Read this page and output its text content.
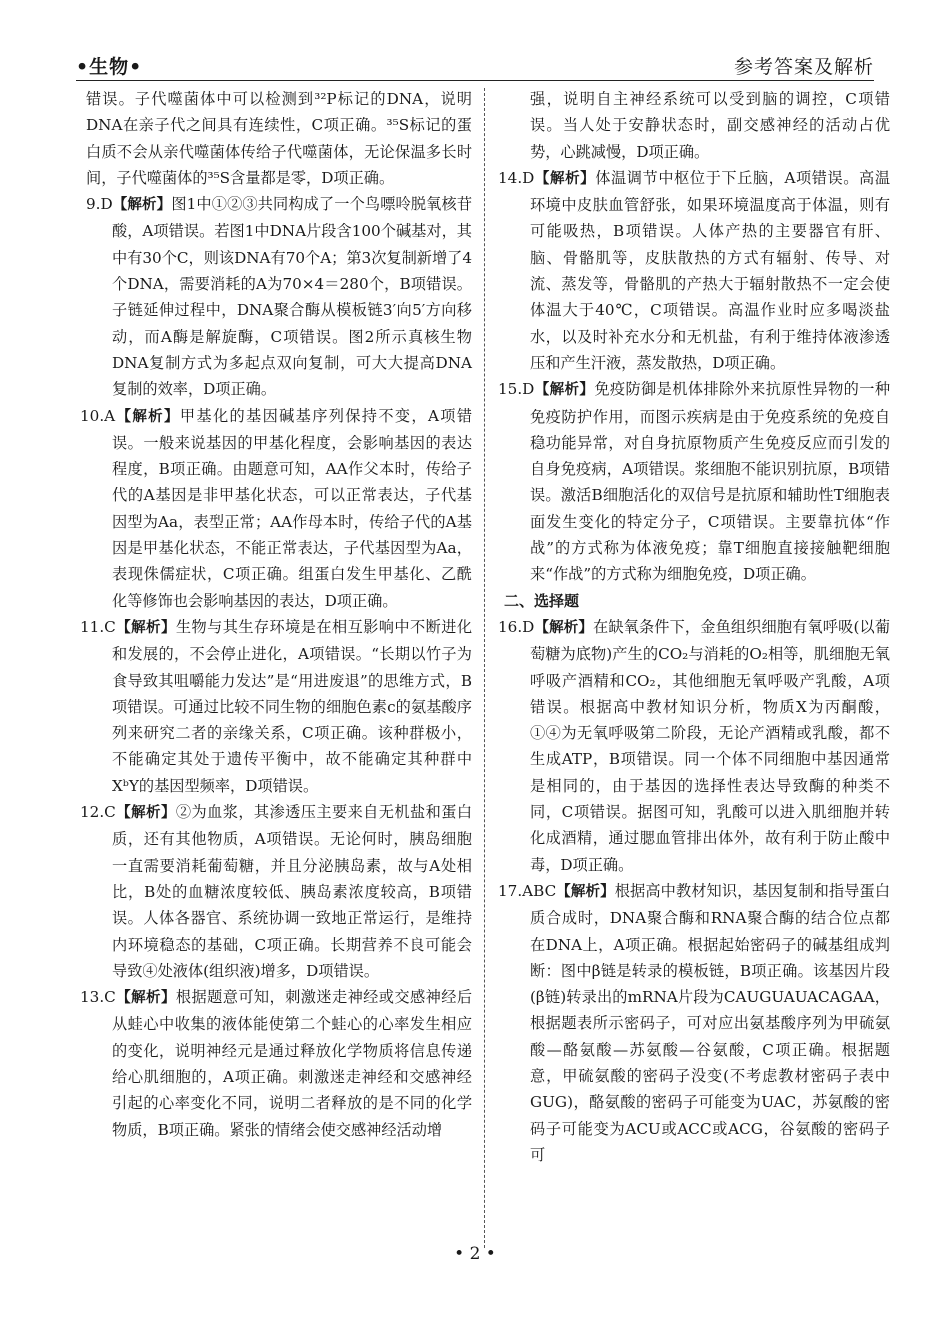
•生物•	参考答案及解析

错误。子代噬菌体中可以检测到³²P标记的DNA，说明DNA在亲子代之间具有连续性，C项正确。³⁵S标记的蛋白质不会从亲代噬菌体传给子代噬菌体，无论保温多长时间，子代噬菌体的³⁵S含量都是零，D项正确。

9.D【解析】图1中①②③共同构成了一个鸟嘌呤脱氧核苷酸，A项错误。若图1中DNA片段含100个碱基对，其中有30个C，则该DNA有70个A；第3次复制新增了4个DNA，需要消耗的A为70×4＝280个，B项错误。子链延伸过程中，DNA聚合酶从模板链3′向5′方向移动，而A酶是解旋酶，C项错误。图2所示真核生物DNA复制方式为多起点双向复制，可大大提高DNA复制的效率，D项正确。

10.A【解析】甲基化的基因碱基序列保持不变，A项错误。一般来说基因的甲基化程度，会影响基因的表达程度，B项正确。由题意可知，AA作父本时，传给子代的A基因是非甲基化状态，可以正常表达，子代基因型为Aa，表型正常；AA作母本时，传给子代的A基因是甲基化状态，不能正常表达，子代基因型为Aa，表现侏儒症状，C项正确。组蛋白发生甲基化、乙酰化等修饰也会影响基因的表达，D项正确。

11.C【解析】生物与其生存环境是在相互影响中不断进化和发展的，不会停止进化，A项错误。“长期以竹子为食导致其咀嚼能力发达”是“用进废退”的思维方式，B项错误。可通过比较不同生物的细胞色素c的氨基酸序列来研究二者的亲缘关系，C项正确。该种群极小，不能确定其处于遗传平衡中，故不能确定其种群中XᵇY的基因型频率，D项错误。

12.C【解析】②为血浆，其渗透压主要来自无机盐和蛋白质，还有其他物质，A项错误。无论何时，胰岛细胞一直需要消耗葡萄糖，并且分泌胰岛素，故与A处相比，B处的血糖浓度较低、胰岛素浓度较高，B项错误。人体各器官、系统协调一致地正常运行，是维持内环境稳态的基础，C项正确。长期营养不良可能会导致④处液体(组织液)增多，D项错误。

13.C【解析】根据题意可知，刺激迷走神经或交感神经后从蛙心中收集的液体能使第二个蛙心的心率发生相应的变化，说明神经元是通过释放化学物质将信息传递给心肌细胞的，A项正确。刺激迷走神经和交感神经引起的心率变化不同，说明二者释放的是不同的化学物质，B项正确。紧张的情绪会使交感神经活动增

强，说明自主神经系统可以受到脑的调控，C项错误。当人处于安静状态时，副交感神经的活动占优势，心跳减慢，D项正确。

14.D【解析】体温调节中枢位于下丘脑，A项错误。高温环境中皮肤血管舒张，如果环境温度高于体温，则有可能吸热，B项错误。人体产热的主要器官有肝、脑、骨骼肌等，皮肤散热的方式有辐射、传导、对流、蒸发等，骨骼肌的产热大于辐射散热不一定会使体温大于40℃，C项错误。高温作业时应多喝淡盐水，以及时补充水分和无机盐，有利于维持体液渗透压和产生汗液，蒸发散热，D项正确。

15.D【解析】免疫防御是机体排除外来抗原性异物的一种免疫防护作用，而图示疾病是由于免疫系统的免疫自稳功能异常，对自身抗原物质产生免疫反应而引发的自身免疫病，A项错误。浆细胞不能识别抗原，B项错误。激活B细胞活化的双信号是抗原和辅助性T细胞表面发生变化的特定分子，C项错误。主要靠抗体“作战”的方式称为体液免疫；靠T细胞直接接触靶细胞来“作战”的方式称为细胞免疫，D项正确。

二、选择题

16.D【解析】在缺氧条件下，金鱼组织细胞有氧呼吸(以葡萄糖为底物)产生的CO₂与消耗的O₂相等，肌细胞无氧呼吸产酒精和CO₂，其他细胞无氧呼吸产乳酸，A项错误。根据高中教材知识分析，物质X为丙酮酸，①④为无氧呼吸第二阶段，无论产酒精或乳酸，都不生成ATP，B项错误。同一个体不同细胞中基因通常是相同的，由于基因的选择性表达导致酶的种类不同，C项错误。据图可知，乳酸可以进入肌细胞并转化成酒精，通过腮血管排出体外，故有利于防止酸中毒，D项正确。

17.ABC【解析】根据高中教材知识，基因复制和指导蛋白质合成时，DNA聚合酶和RNA聚合酶的结合位点都在DNA上，A项正确。根据起始密码子的碱基组成判断：图中β链是转录的模板链，B项正确。该基因片段(β链)转录出的mRNA片段为CAUGUAUACAGAA，根据题表所示密码子，可对应出氨基酸序列为甲硫氨酸—酪氨酸—苏氨酸—谷氨酸，C项正确。根据题意，甲硫氨酸的密码子没变(不考虑教材密码子表中GUG)，酪氨酸的密码子可能变为UAC，苏氨酸的密码子可能变为ACU或ACC或ACG，谷氨酸的密码子可

• 2 •
